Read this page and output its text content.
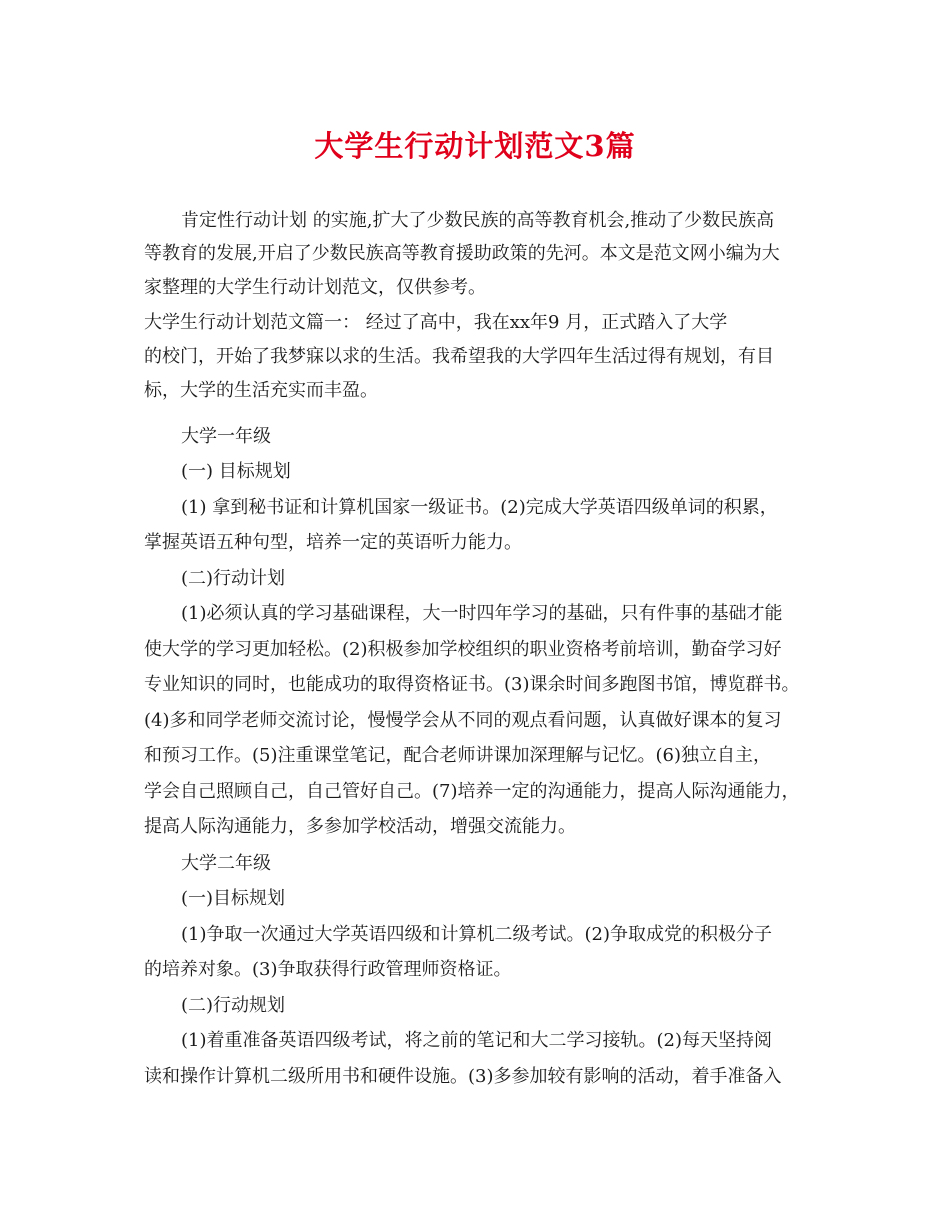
大学生行动计划范文3篇
肯定性行动计划 的实施,扩大了少数民族的高等教育机会,推动了少数民族高
等教育的发展,开启了少数民族高等教育援助政策的先河。本文是范文网小编为大
家整理的大学生行动计划范文，仅供参考。
大学生行动计划范文篇一： 经过了高中，我在xx年9 月，正式踏入了大学
的校门，开始了我梦寐以求的生活。我希望我的大学四年生活过得有规划，有目
标，大学的生活充实而丰盈。
大学一年级
(一) 目标规划
(1) 拿到秘书证和计算机国家一级证书。(2)完成大学英语四级单词的积累，
掌握英语五种句型，培养一定的英语听力能力。
(二)行动计划
(1)必须认真的学习基础课程，大一时四年学习的基础，只有件事的基础才能
使大学的学习更加轻松。(2)积极参加学校组织的职业资格考前培训，勤奋学习好
专业知识的同时，也能成功的取得资格证书。(3)课余时间多跑图书馆，博览群书。
(4)多和同学老师交流讨论，慢慢学会从不同的观点看问题，认真做好课本的复习
和预习工作。(5)注重课堂笔记，配合老师讲课加深理解与记忆。(6)独立自主，
学会自己照顾自己，自己管好自己。(7)培养一定的沟通能力，提高人际沟通能力，
提高人际沟通能力，多参加学校活动，增强交流能力。
大学二年级
(一)目标规划
(1)争取一次通过大学英语四级和计算机二级考试。(2)争取成党的积极分子
的培养对象。(3)争取获得行政管理师资格证。
(二)行动规划
(1)着重准备英语四级考试，将之前的笔记和大二学习接轨。(2)每天坚持阅
读和操作计算机二级所用书和硬件设施。(3)多参加较有影响的活动，着手准备入
